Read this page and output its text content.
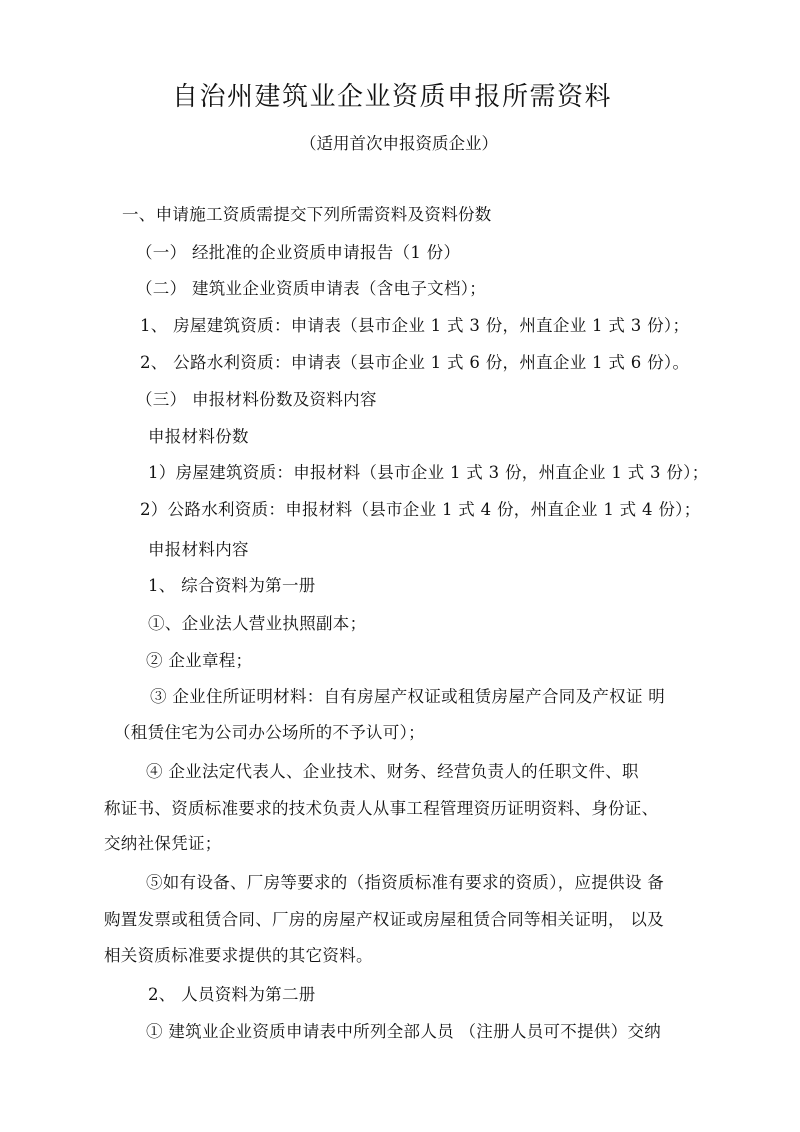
自治州建筑业企业资质申报所需资料
（适用首次申报资质企业）
一、申请施工资质需提交下列所需资料及资料份数
（一） 经批准的企业资质申请报告（1 份）
（二） 建筑业企业资质申请表（含电子文档）；
1、 房屋建筑资质：申请表（县市企业 1 式 3 份，州直企业 1 式 3 份）；
2、 公路水利资质：申请表（县市企业 1 式 6 份，州直企业 1 式 6 份）。
（三） 申报材料份数及资料内容
申报材料份数
1）房屋建筑资质：申报材料（县市企业 1 式 3 份，州直企业 1 式 3 份）；
2）公路水利资质：申报材料（县市企业 1 式 4 份，州直企业 1 式 4 份）；
申报材料内容
1、 综合资料为第一册
①、企业法人营业执照副本；
② 企业章程；
③ 企业住所证明材料：自有房屋产权证或租赁房屋产合同及产权证 明
（租赁住宅为公司办公场所的不予认可）；
④ 企业法定代表人、企业技术、财务、经营负责人的任职文件、职
称证书、资质标准要求的技术负责人从事工程管理资历证明资料、身份证、
交纳社保凭证；
⑤如有设备、厂房等要求的（指资质标准有要求的资质），应提供设 备
购置发票或租赁合同、厂房的房屋产权证或房屋租赁合同等相关证明， 以及
相关资质标准要求提供的其它资料。
2、 人员资料为第二册
① 建筑业企业资质申请表中所列全部人员 （注册人员可不提供）交纳
